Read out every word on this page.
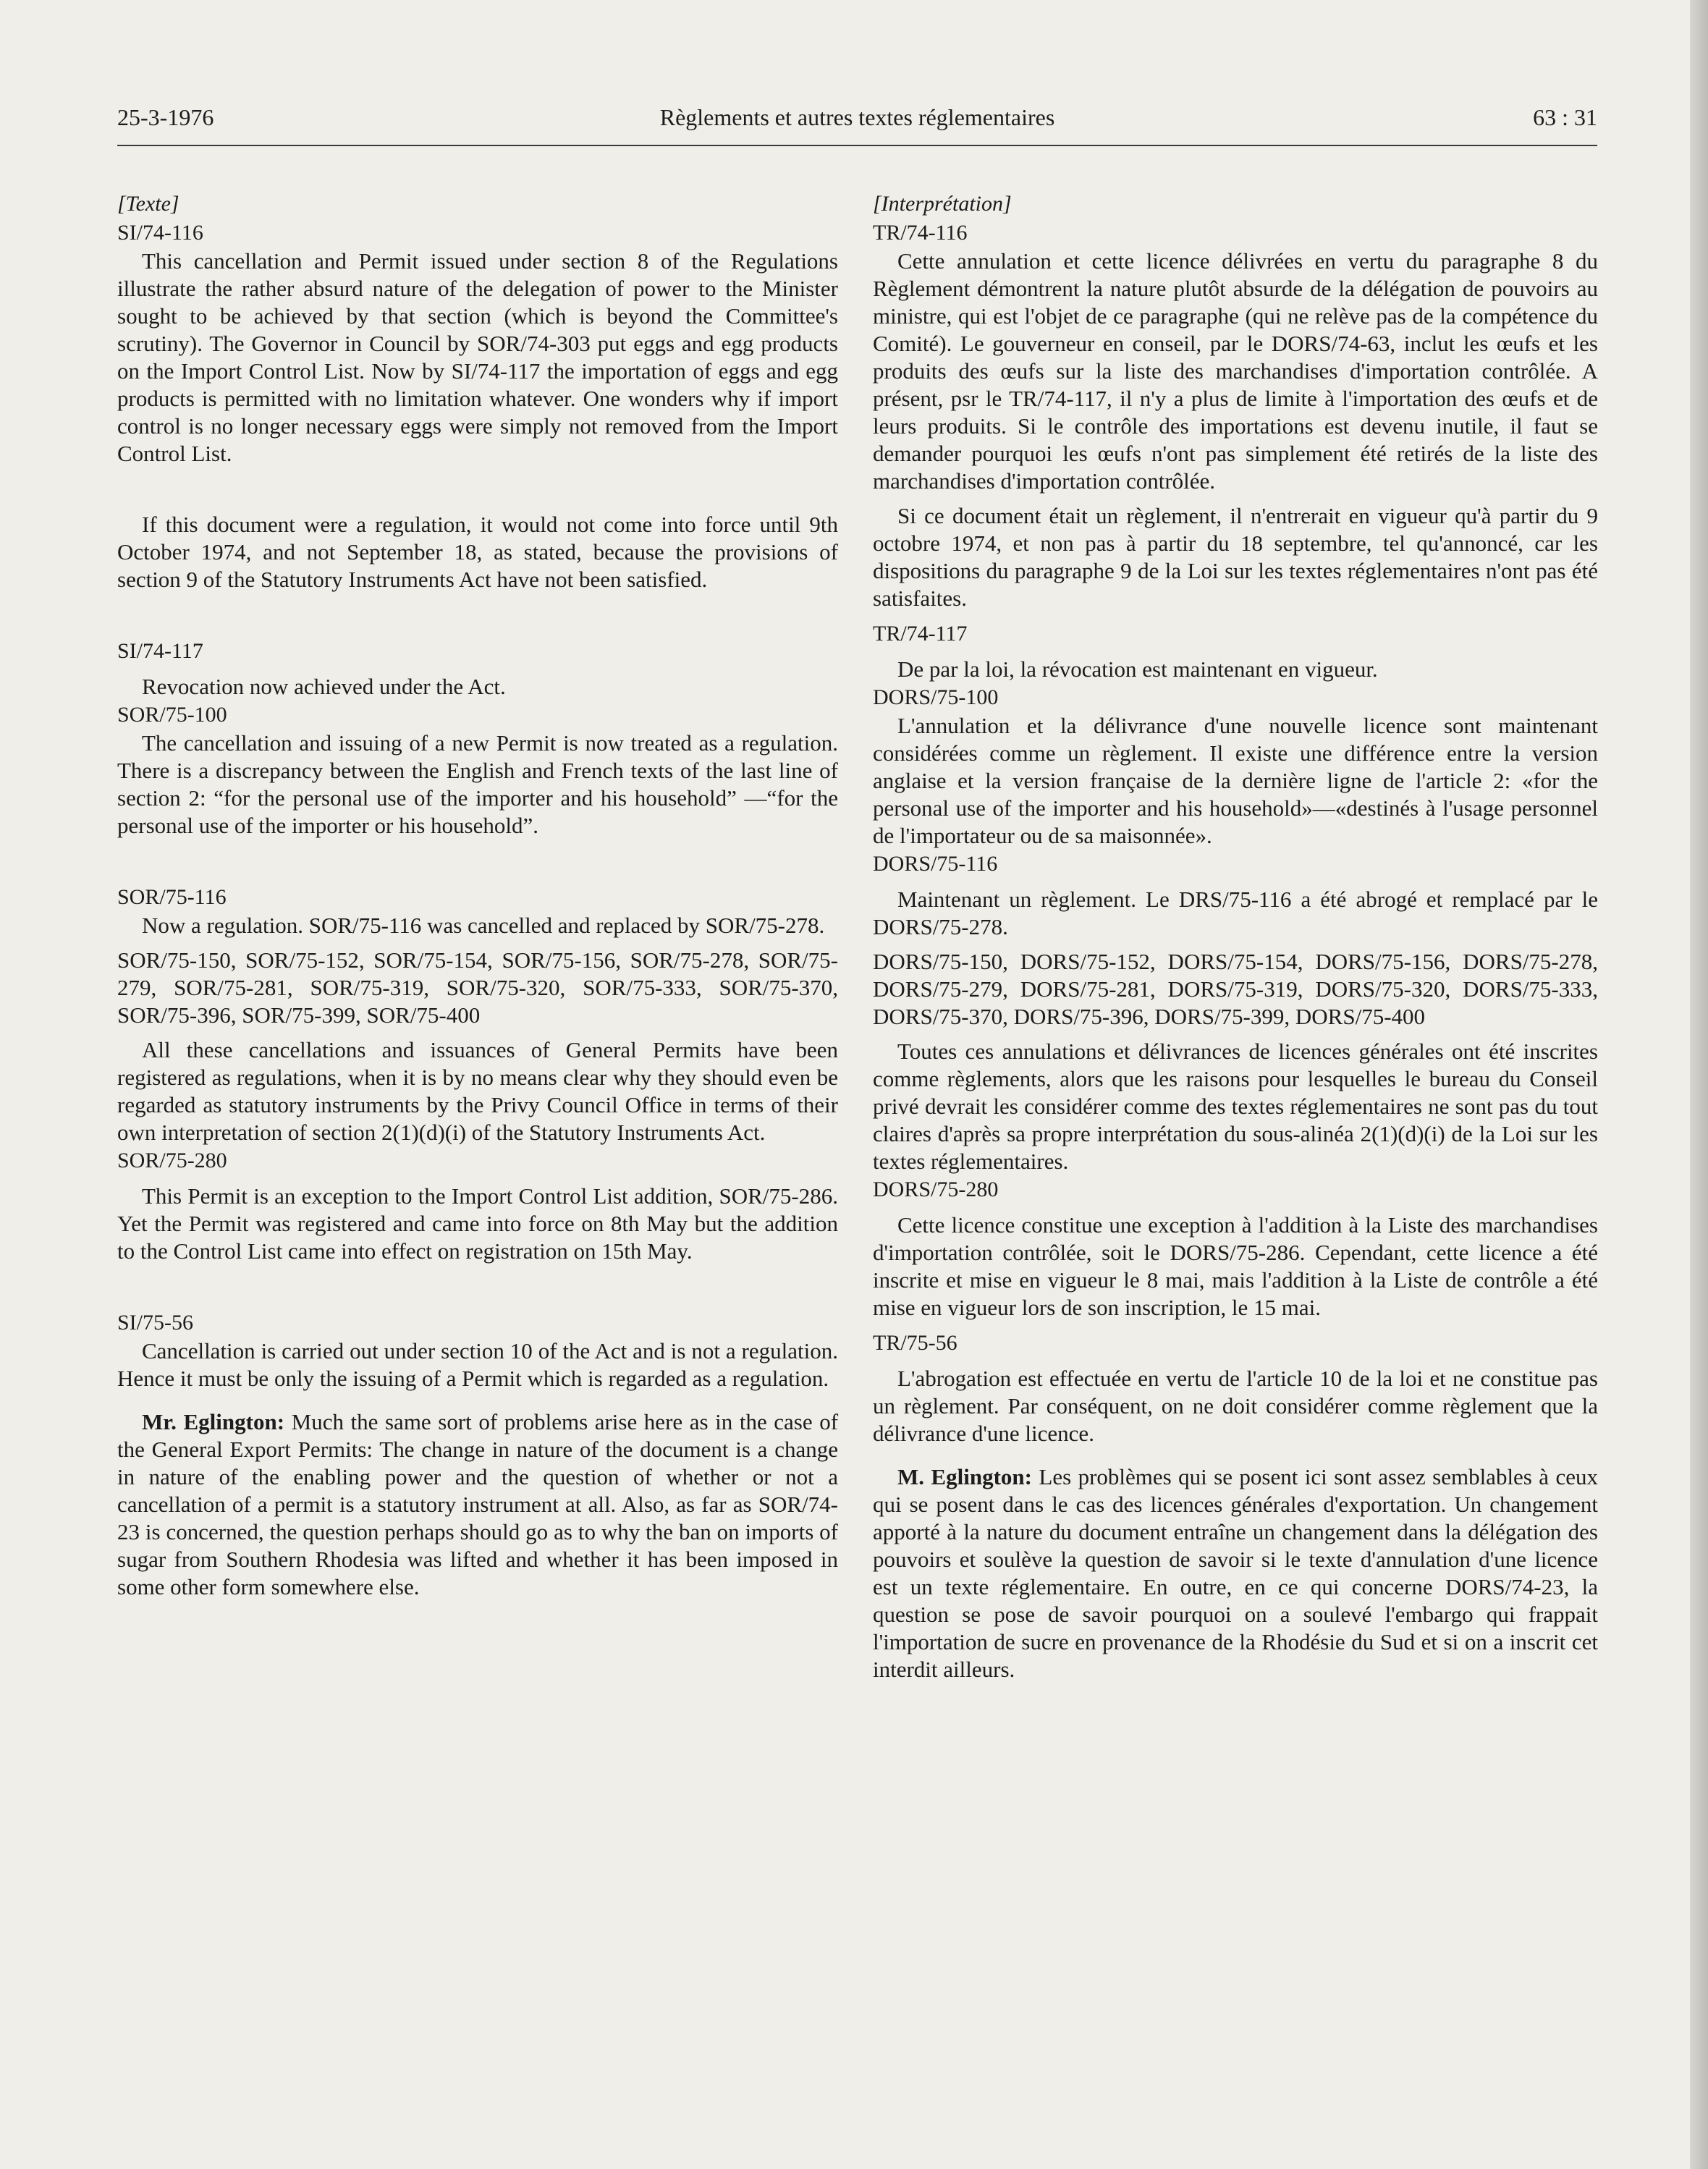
25-3-1976	Règlements et autres textes réglementaires	63 : 31

[Texte]

SI/74-116

This cancellation and Permit issued under section 8 of the Regulations illustrate the rather absurd nature of the delegation of power to the Minister sought to be achieved by that section (which is beyond the Committee's scrutiny). The Governor in Council by SOR/74-303 put eggs and egg products on the Import Control List. Now by SI/74-117 the importation of eggs and egg products is permitted with no limitation whatever. One wonders why if import control is no longer necessary eggs were simply not removed from the Import Control List.

If this document were a regulation, it would not come into force until 9th October 1974, and not September 18, as stated, because the provisions of section 9 of the Statutory Instruments Act have not been satisfied.

SI/74-117

Revocation now achieved under the Act.

SOR/75-100

The cancellation and issuing of a new Permit is now treated as a regulation. There is a discrepancy between the English and French texts of the last line of section 2: “for the personal use of the importer and his household” —“for the personal use of the importer or his household”.

SOR/75-116

Now a regulation. SOR/75-116 was cancelled and replaced by SOR/75-278.

SOR/75-150, SOR/75-152, SOR/75-154, SOR/75-156, SOR/75-278, SOR/75-279, SOR/75-281, SOR/75-319, SOR/75-320, SOR/75-333, SOR/75-370, SOR/75-396, SOR/75-399, SOR/75-400

All these cancellations and issuances of General Permits have been registered as regulations, when it is by no means clear why they should even be regarded as statutory instruments by the Privy Council Office in terms of their own interpretation of section 2(1)(d)(i) of the Statutory Instruments Act.

SOR/75-280

This Permit is an exception to the Import Control List addition, SOR/75-286. Yet the Permit was registered and came into force on 8th May but the addition to the Control List came into effect on registration on 15th May.

SI/75-56

Cancellation is carried out under section 10 of the Act and is not a regulation. Hence it must be only the issuing of a Permit which is regarded as a regulation.

Mr. Eglington: Much the same sort of problems arise here as in the case of the General Export Permits: The change in nature of the document is a change in nature of the enabling power and the question of whether or not a cancellation of a permit is a statutory instrument at all. Also, as far as SOR/74-23 is concerned, the question perhaps should go as to why the ban on imports of sugar from Southern Rhodesia was lifted and whether it has been imposed in some other form somewhere else.

[Interprétation]

TR/74-116

Cette annulation et cette licence délivrées en vertu du paragraphe 8 du Règlement démontrent la nature plutôt absurde de la délégation de pouvoirs au ministre, qui est l'objet de ce paragraphe (qui ne relève pas de la compétence du Comité). Le gouverneur en conseil, par le DORS/74-63, inclut les œufs et les produits des œufs sur la liste des marchandises d'importation contrôlée. A présent, psr le TR/74-117, il n'y a plus de limite à l'importation des œufs et de leurs produits. Si le contrôle des importations est devenu inutile, il faut se demander pourquoi les œufs n'ont pas simplement été retirés de la liste des marchandises d'importation contrôlée.

Si ce document était un règlement, il n'entrerait en vigueur qu'à partir du 9 octobre 1974, et non pas à partir du 18 septembre, tel qu'annoncé, car les dispositions du paragraphe 9 de la Loi sur les textes réglementaires n'ont pas été satisfaites.

TR/74-117

De par la loi, la révocation est maintenant en vigueur.

DORS/75-100

L'annulation et la délivrance d'une nouvelle licence sont maintenant considérées comme un règlement. Il existe une différence entre la version anglaise et la version française de la dernière ligne de l'article 2: «for the personal use of the importer and his household»—«destinés à l'usage personnel de l'importateur ou de sa maisonnée».

DORS/75-116

Maintenant un règlement. Le DRS/75-116 a été abrogé et remplacé par le DORS/75-278.

DORS/75-150, DORS/75-152, DORS/75-154, DORS/75-156, DORS/75-278, DORS/75-279, DORS/75-281, DORS/75-319, DORS/75-320, DORS/75-333, DORS/75-370, DORS/75-396, DORS/75-399, DORS/75-400

Toutes ces annulations et délivrances de licences générales ont été inscrites comme règlements, alors que les raisons pour lesquelles le bureau du Conseil privé devrait les considérer comme des textes réglementaires ne sont pas du tout claires d'après sa propre interprétation du sous-alinéa 2(1)(d)(i) de la Loi sur les textes réglementaires.

DORS/75-280

Cette licence constitue une exception à l'addition à la Liste des marchandises d'importation contrôlée, soit le DORS/75-286. Cependant, cette licence a été inscrite et mise en vigueur le 8 mai, mais l'addition à la Liste de contrôle a été mise en vigueur lors de son inscription, le 15 mai.

TR/75-56

L'abrogation est effectuée en vertu de l'article 10 de la loi et ne constitue pas un règlement. Par conséquent, on ne doit considérer comme règlement que la délivrance d'une licence.

M. Eglington: Les problèmes qui se posent ici sont assez semblables à ceux qui se posent dans le cas des licences générales d'exportation. Un changement apporté à la nature du document entraîne un changement dans la délégation des pouvoirs et soulève la question de savoir si le texte d'annulation d'une licence est un texte réglementaire. En outre, en ce qui concerne DORS/74-23, la question se pose de savoir pourquoi on a soulevé l'embargo qui frappait l'importation de sucre en provenance de la Rhodésie du Sud et si on a inscrit cet interdit ailleurs.
